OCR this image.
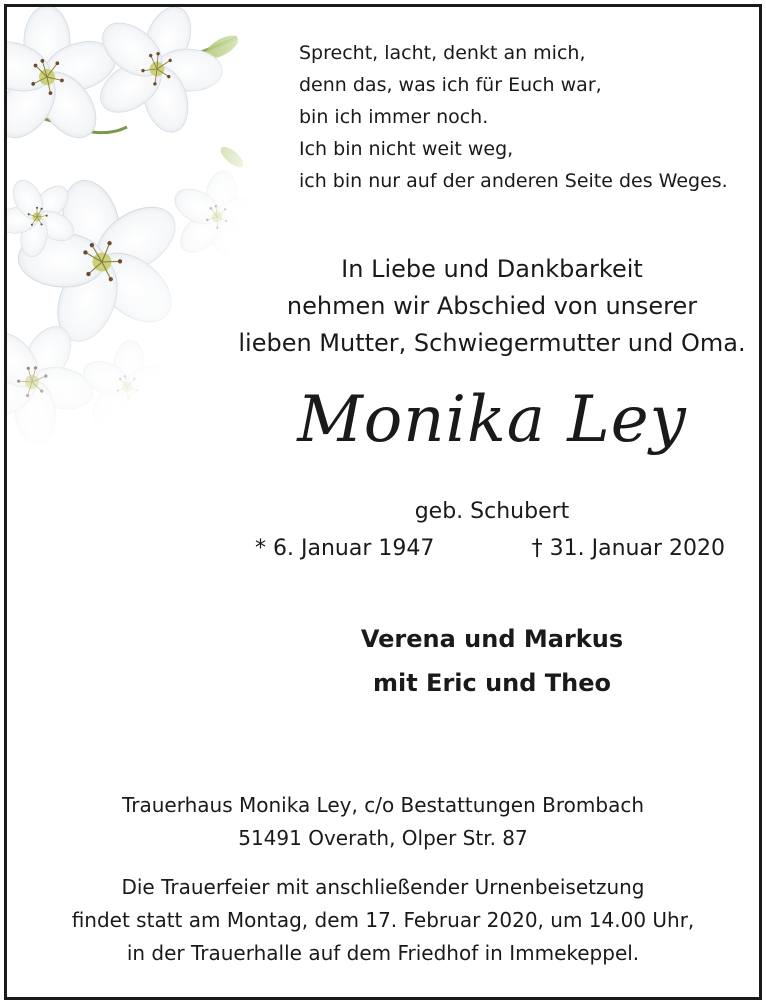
Sprecht, lacht, denkt an mich,
denn das, was ich für Euch war,
bin ich immer noch.
Ich bin nicht weit weg,
ich bin nur auf der anderen Seite des Weges.
In Liebe und Dankbarkeit
nehmen wir Abschied von unserer
lieben Mutter, Schwiegermutter und Oma.
Monika Ley
geb. Schubert
* 6. Januar 1947	† 31. Januar 2020
Verena und Markus
mit Eric und Theo
Trauerhaus Monika Ley, c/o Bestattungen Brombach
51491 Overath, Olper Str. 87
Die Trauerfeier mit anschließender Urnenbeisetzung
findet statt am Montag, dem 17. Februar 2020, um 14.00 Uhr,
in der Trauerhalle auf dem Friedhof in Immekeppel.
